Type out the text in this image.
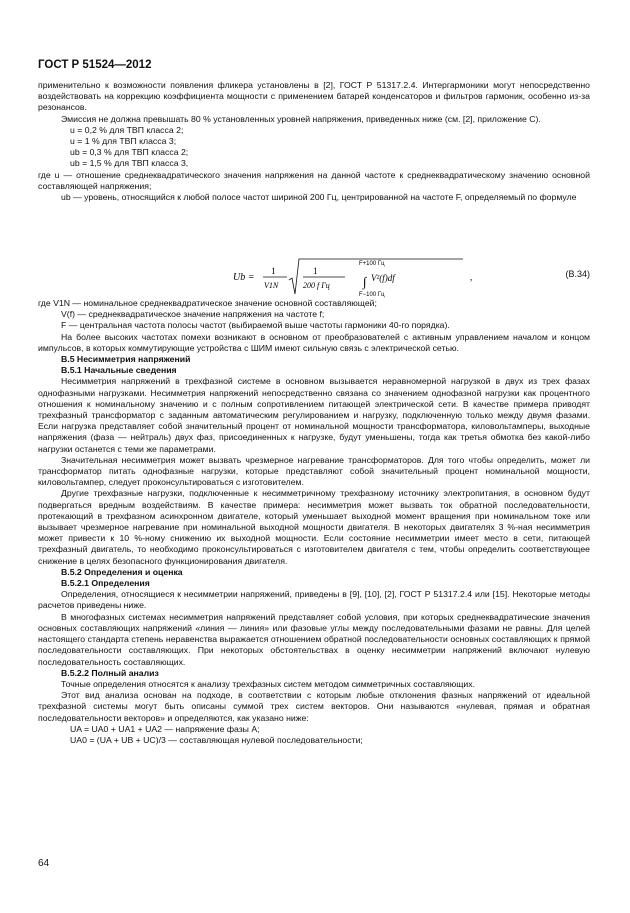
ГОСТ Р 51524—2012

применительно к возможности появления фликера установлены в [2], ГОСТ Р 51317.2.4. Интергармоники могут непосредственно воздействовать на коррекцию коэффициента мощности с применением батарей конденсаторов и фильтров гармоник, особенно из-за резонансов.

Эмиссия не должна превышать 80 % установленных уровней напряжения, приведенных ниже (см. [2], приложение С).

u = 0,2 % для ТВП класса 2;

u = 1 % для ТВП класса 3;

ub = 0,3 % для ТВП класса 2;

ub = 1,5 % для ТВП класса 3,

где u — отношение среднеквадратического значения напряжения на данной частоте к среднеквадратическому значению основной составляющей напряжения;

ub — уровень, относящийся к любой полосе частот шириной 200 Гц, центрированной на частоте F, определяемый по формуле

Ub =
1
V1N
1
200 f Гц
F+100 Гц
∫ V²(f)df
F−100 Гц
,	(В.34)

где V1N — номинальное среднеквадратическое значение основной составляющей;

V(f) — среднеквадратическое значение напряжения на частоте f;

F — центральная частота полосы частот (выбираемой выше частоты гармоники 40-го порядка).

На более высоких частотах помехи возникают в основном от преобразователей с активным управлением началом и концом импульсов, в которых коммутирующие устройства с ШИМ имеют сильную связь с электрической сетью.

В.5 Несимметрия напряжений

В.5.1 Начальные сведения

Несимметрия напряжений в трехфазной системе в основном вызывается неравномерной нагрузкой в двух из трех фазах однофазными нагрузками. Несимметрия напряжений непосредственно связана со значением однофазной нагрузки как процентного отношения к номинальному значению и с полным сопротивлением питающей электрической сети. В качестве примера приводят трехфазный трансформатор с заданным автоматическим регулированием и нагрузку, подключенную только между двумя фазами. Если нагрузка представляет собой значительный процент от номинальной мощности трансформатора, киловольтамперы, выходные напряжения (фаза — нейтраль) двух фаз, присоединенных к нагрузке, будут уменьшены, тогда как третья обмотка без какой-либо нагрузки останется с теми же параметрами.

Значительная несимметрия может вызвать чрезмерное нагревание трансформаторов. Для того чтобы определить, может ли трансформатор питать однофазные нагрузки, которые представляют собой значительный процент номинальной мощности, киловольтампер, следует проконсультироваться с изготовителем.

Другие трехфазные нагрузки, подключенные к несимметричному трехфазному источнику электропитания, в основном будут подвергаться вредным воздействиям. В качестве примера: несимметрия может вызвать ток обратной последовательности, протекающий в трехфазном асинхронном двигателе, который уменьшает выходной момент вращения при номинальном токе или вызывает чрезмерное нагревание при номинальной выходной мощности двигателя. В некоторых двигателях 3 %-ная несимметрия может привести к 10 %-ному снижению их выходной мощности. Если состояние несимметрии имеет место в сети, питающей трехфазный двигатель, то необходимо проконсультироваться с изготовителем двигателя с тем, чтобы определить соответствующее снижение в целях безопасного функционирования двигателя.

В.5.2 Определения и оценка

В.5.2.1 Определения

Определения, относящиеся к несимметрии напряжений, приведены в [9], [10], [2], ГОСТ Р 51317.2.4 или [15]. Некоторые методы расчетов приведены ниже.

В многофазных системах несимметрия напряжений представляет собой условия, при которых среднеквадратические значения основных составляющих напряжений «линия — линия» или фазовые углы между последовательными фазами не равны. Для целей настоящего стандарта степень неравенства выражается отношением обратной последовательности основных составляющих к прямой последовательности составляющих. При некоторых обстоятельствах в оценку несимметрии напряжений включают нулевую последовательность составляющих.

В.5.2.2 Полный анализ

Точные определения относятся к анализу трехфазных систем методом симметричных составляющих.

Этот вид анализа основан на подходе, в соответствии с которым любые отклонения фазных напряжений от идеальной трехфазной системы могут быть описаны суммой трех систем векторов. Они называются «нулевая, прямая и обратная последовательности векторов» и определяются, как указано ниже:

UA = UA0 + UA1 + UA2 — напряжение фазы А;

UA0 = (UA + UB + UC)/3 — составляющая нулевой последовательности;

64
